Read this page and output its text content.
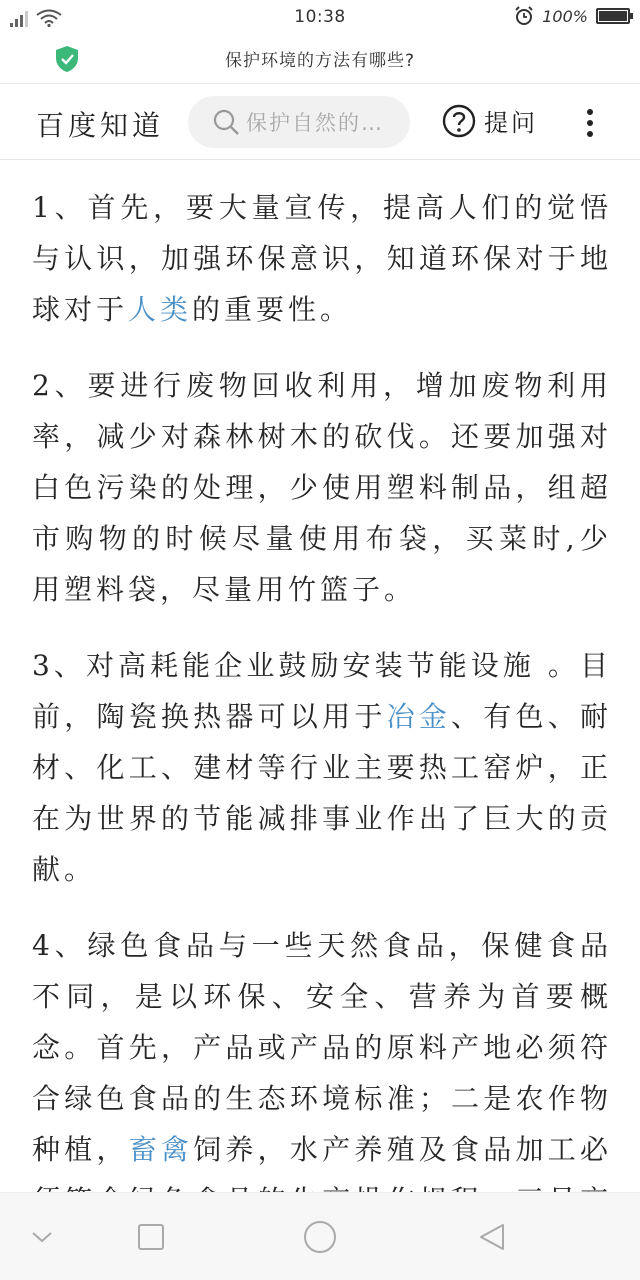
10:38	100%
保护环境的方法有哪些?
百度知道	保护自然的…	提问

1、首先，要大量宣传，提高人们的觉悟与认识，加强环保意识，知道环保对于地球对于人类的重要性。

2、要进行废物回收利用，增加废物利用率，减少对森林树木的砍伐。还要加强对白色污染的处理，少使用塑料制品，组超市购物的时候尽量使用布袋，买菜时,少用塑料袋，尽量用竹篮子。

3、对高耗能企业鼓励安装节能设施 。目前，陶瓷换热器可以用于冶金、有色、耐材、化工、建材等行业主要热工窑炉，正在为世界的节能减排事业作出了巨大的贡献。

4、绿色食品与一些天然食品，保健食品不同，是以环保、安全、营养为首要概念。首先，产品或产品的原料产地必须符合绿色食品的生态环境标准；二是农作物种植，畜禽饲养，水产养殖及食品加工必
